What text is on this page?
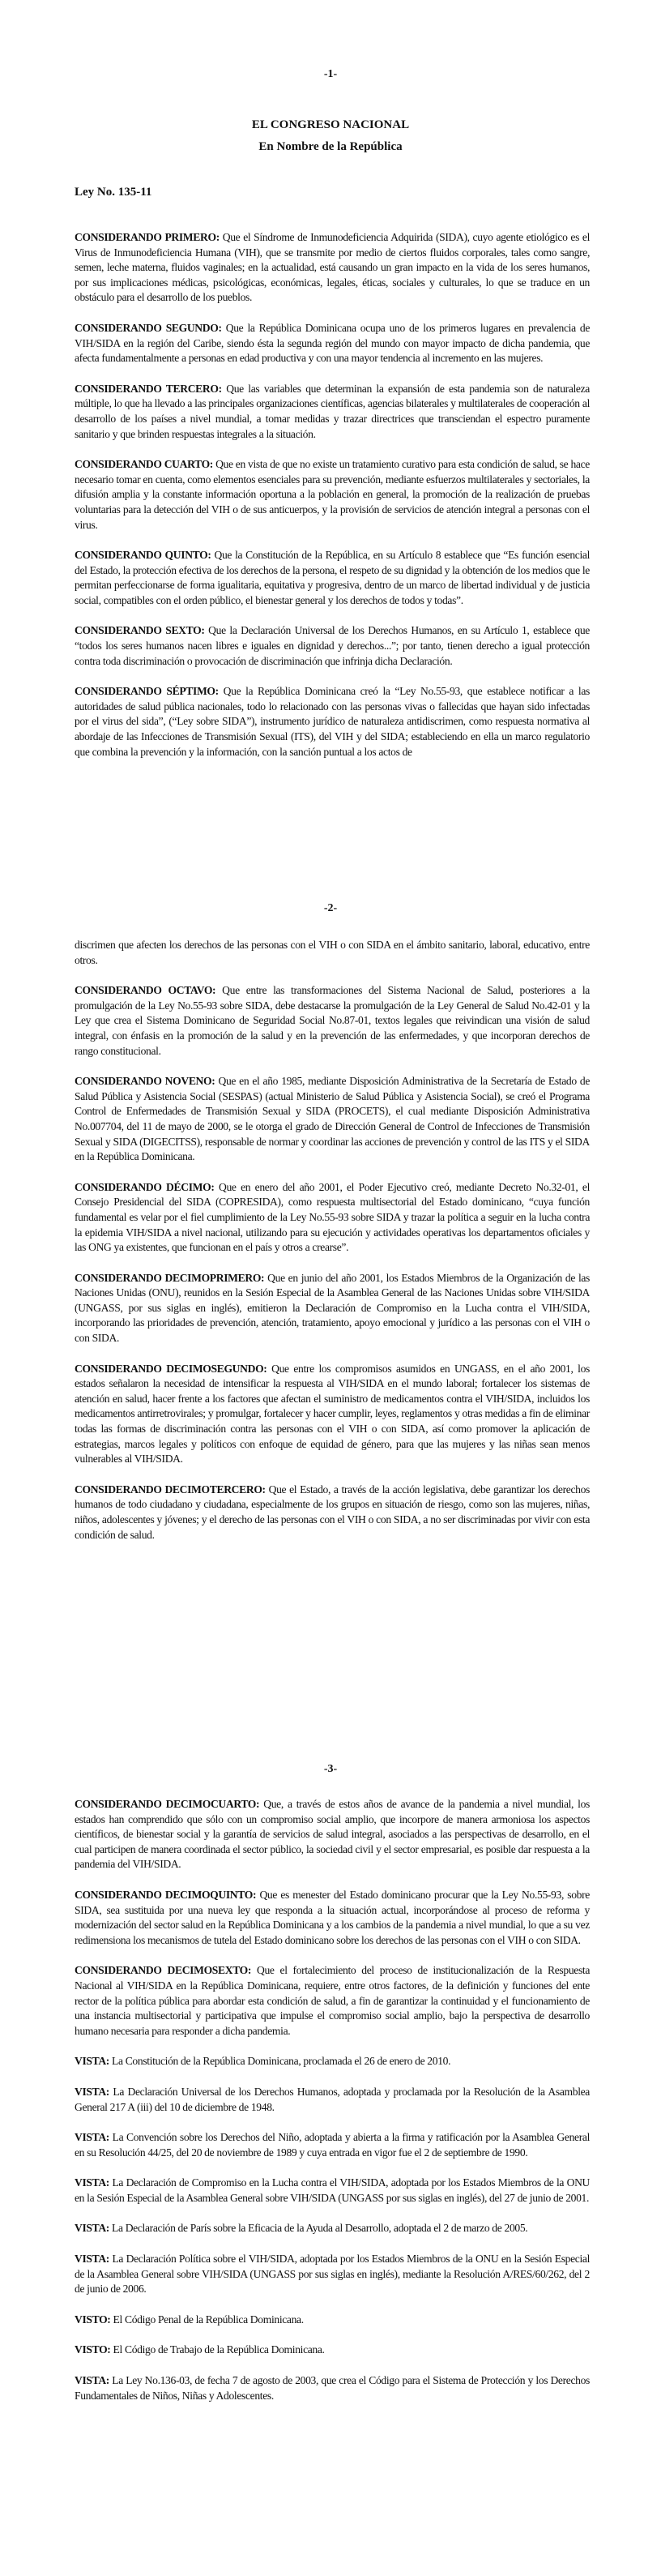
-1-
EL CONGRESO NACIONAL
En Nombre de la República
Ley No. 135-11

CONSIDERANDO PRIMERO: Que el Síndrome de Inmunodeficiencia Adquirida (SIDA), cuyo agente etiológico es el Virus de Inmunodeficiencia Humana (VIH), que se transmite por medio de ciertos fluidos corporales, tales como sangre, semen, leche materna, fluidos vaginales; en la actualidad, está causando un gran impacto en la vida de los seres humanos, por sus implicaciones médicas, psicológicas, económicas, legales, éticas, sociales y culturales, lo que se traduce en un obstáculo para el desarrollo de los pueblos.

CONSIDERANDO SEGUNDO: Que la República Dominicana ocupa uno de los primeros lugares en prevalencia de VIH/SIDA en la región del Caribe, siendo ésta la segunda región del mundo con mayor impacto de dicha pandemia, que afecta fundamentalmente a personas en edad productiva y con una mayor tendencia al incremento en las mujeres.

CONSIDERANDO TERCERO: Que las variables que determinan la expansión de esta pandemia son de naturaleza múltiple, lo que ha llevado a las principales organizaciones científicas, agencias bilaterales y multilaterales de cooperación al desarrollo de los países a nivel mundial, a tomar medidas y trazar directrices que transciendan el espectro puramente sanitario y que brinden respuestas integrales a la situación.

CONSIDERANDO CUARTO: Que en vista de que no existe un tratamiento curativo para esta condición de salud, se hace necesario tomar en cuenta, como elementos esenciales para su prevención, mediante esfuerzos multilaterales y sectoriales, la difusión amplia y la constante información oportuna a la población en general, la promoción de la realización de pruebas voluntarias para la detección del VIH o de sus anticuerpos, y la provisión de servicios de atención integral a personas con el virus.

CONSIDERANDO QUINTO: Que la Constitución de la República, en su Artículo 8 establece que “Es función esencial del Estado, la protección efectiva de los derechos de la persona, el respeto de su dignidad y la obtención de los medios que le permitan perfeccionarse de forma igualitaria, equitativa y progresiva, dentro de un marco de libertad individual y de justicia social, compatibles con el orden público, el bienestar general y los derechos de todos y todas”.

CONSIDERANDO SEXTO: Que la Declaración Universal de los Derechos Humanos, en su Artículo 1, establece que “todos los seres humanos nacen libres e iguales en dignidad y derechos...”; por tanto, tienen derecho a igual protección contra toda discriminación o provocación de discriminación que infrinja dicha Declaración.

CONSIDERANDO SÉPTIMO: Que la República Dominicana creó la “Ley No.55-93, que establece notificar a las autoridades de salud pública nacionales, todo lo relacionado con las personas vivas o fallecidas que hayan sido infectadas por el virus del sida”, (“Ley sobre SIDA”), instrumento jurídico de naturaleza antidiscrimen, como respuesta normativa al abordaje de las Infecciones de Transmisión Sexual (ITS), del VIH y del SIDA; estableciendo en ella un marco regulatorio que combina la prevención y la información, con la sanción puntual a los actos de

-2-

discrimen que afecten los derechos de las personas con el VIH o con SIDA en el ámbito sanitario, laboral, educativo, entre otros.

CONSIDERANDO OCTAVO: Que entre las transformaciones del Sistema Nacional de Salud, posteriores a la promulgación de la Ley No.55-93 sobre SIDA, debe destacarse la promulgación de la Ley General de Salud No.42-01 y la Ley que crea el Sistema Dominicano de Seguridad Social No.87-01, textos legales que reivindican una visión de salud integral, con énfasis en la promoción de la salud y en la prevención de las enfermedades, y que incorporan derechos de rango constitucional.

CONSIDERANDO NOVENO: Que en el año 1985, mediante Disposición Administrativa de la Secretaría de Estado de Salud Pública y Asistencia Social (SESPAS) (actual Ministerio de Salud Pública y Asistencia Social), se creó el Programa Control de Enfermedades de Transmisión Sexual y SIDA (PROCETS), el cual mediante Disposición Administrativa No.007704, del 11 de mayo de 2000, se le otorga el grado de Dirección General de Control de Infecciones de Transmisión Sexual y SIDA (DIGECITSS), responsable de normar y coordinar las acciones de prevención y control de las ITS y el SIDA en la República Dominicana.

CONSIDERANDO DÉCIMO: Que en enero del año 2001, el Poder Ejecutivo creó, mediante Decreto No.32-01, el Consejo Presidencial del SIDA (COPRESIDA), como respuesta multisectorial del Estado dominicano, “cuya función fundamental es velar por el fiel cumplimiento de la Ley No.55-93 sobre SIDA y trazar la política a seguir en la lucha contra la epidemia VIH/SIDA a nivel nacional, utilizando para su ejecución y actividades operativas los departamentos oficiales y las ONG ya existentes, que funcionan en el país y otros a crearse”.

CONSIDERANDO DECIMOPRIMERO: Que en junio del año 2001, los Estados Miembros de la Organización de las Naciones Unidas (ONU), reunidos en la Sesión Especial de la Asamblea General de las Naciones Unidas sobre VIH/SIDA (UNGASS, por sus siglas en inglés), emitieron la Declaración de Compromiso en la Lucha contra el VIH/SIDA, incorporando las prioridades de prevención, atención, tratamiento, apoyo emocional y jurídico a las personas con el VIH o con SIDA.

CONSIDERANDO DECIMOSEGUNDO: Que entre los compromisos asumidos en UNGASS, en el año 2001, los estados señalaron la necesidad de intensificar la respuesta al VIH/SIDA en el mundo laboral; fortalecer los sistemas de atención en salud, hacer frente a los factores que afectan el suministro de medicamentos contra el VIH/SIDA, incluidos los medicamentos antirretrovirales; y promulgar, fortalecer y hacer cumplir, leyes, reglamentos y otras medidas a fin de eliminar todas las formas de discriminación contra las personas con el VIH o con SIDA, así como promover la aplicación de estrategias, marcos legales y políticos con enfoque de equidad de género, para que las mujeres y las niñas sean menos vulnerables al VIH/SIDA.

CONSIDERANDO DECIMOTERCERO: Que el Estado, a través de la acción legislativa, debe garantizar los derechos humanos de todo ciudadano y ciudadana, especialmente de los grupos en situación de riesgo, como son las mujeres, niñas, niños, adolescentes y jóvenes; y el derecho de las personas con el VIH o con SIDA, a no ser discriminadas por vivir con esta condición de salud.

-3-

CONSIDERANDO DECIMOCUARTO: Que, a través de estos años de avance de la pandemia a nivel mundial, los estados han comprendido que sólo con un compromiso social amplio, que incorpore de manera armoniosa los aspectos científicos, de bienestar social y la garantía de servicios de salud integral, asociados a las perspectivas de desarrollo, en el cual participen de manera coordinada el sector público, la sociedad civil y el sector empresarial, es posible dar respuesta a la pandemia del VIH/SIDA.

CONSIDERANDO DECIMOQUINTO: Que es menester del Estado dominicano procurar que la Ley No.55-93, sobre SIDA, sea sustituida por una nueva ley que responda a la situación actual, incorporándose al proceso de reforma y modernización del sector salud en la República Dominicana y a los cambios de la pandemia a nivel mundial, lo que a su vez redimensiona los mecanismos de tutela del Estado dominicano sobre los derechos de las personas con el VIH o con SIDA.

CONSIDERANDO DECIMOSEXTO: Que el fortalecimiento del proceso de institucionalización de la Respuesta Nacional al VIH/SIDA en la República Dominicana, requiere, entre otros factores, de la definición y funciones del ente rector de la política pública para abordar esta condición de salud, a fin de garantizar la continuidad y el funcionamiento de una instancia multisectorial y participativa que impulse el compromiso social amplio, bajo la perspectiva de desarrollo humano necesaria para responder a dicha pandemia.

VISTA: La Constitución de la República Dominicana, proclamada el 26 de enero de 2010.

VISTA: La Declaración Universal de los Derechos Humanos, adoptada y proclamada por la Resolución de la Asamblea General 217 A (iii) del 10 de diciembre de 1948.

VISTA: La Convención sobre los Derechos del Niño, adoptada y abierta a la firma y ratificación por la Asamblea General en su Resolución 44/25, del 20 de noviembre de 1989 y cuya entrada en vigor fue el 2 de septiembre de 1990.

VISTA: La Declaración de Compromiso en la Lucha contra el VIH/SIDA, adoptada por los Estados Miembros de la ONU en la Sesión Especial de la Asamblea General sobre VIH/SIDA (UNGASS por sus siglas en inglés), del 27 de junio de 2001.

VISTA: La Declaración de París sobre la Eficacia de la Ayuda al Desarrollo, adoptada el 2 de marzo de 2005.

VISTA: La Declaración Política sobre el VIH/SIDA, adoptada por los Estados Miembros de la ONU en la Sesión Especial de la Asamblea General sobre VIH/SIDA (UNGASS por sus siglas en inglés), mediante la Resolución A/RES/60/262, del 2 de junio de 2006.

VISTO: El Código Penal de la República Dominicana.

VISTO: El Código de Trabajo de la República Dominicana.

VISTA: La Ley No.136-03, de fecha 7 de agosto de 2003, que crea el Código para el Sistema de Protección y los Derechos Fundamentales de Niños, Niñas y Adolescentes.
